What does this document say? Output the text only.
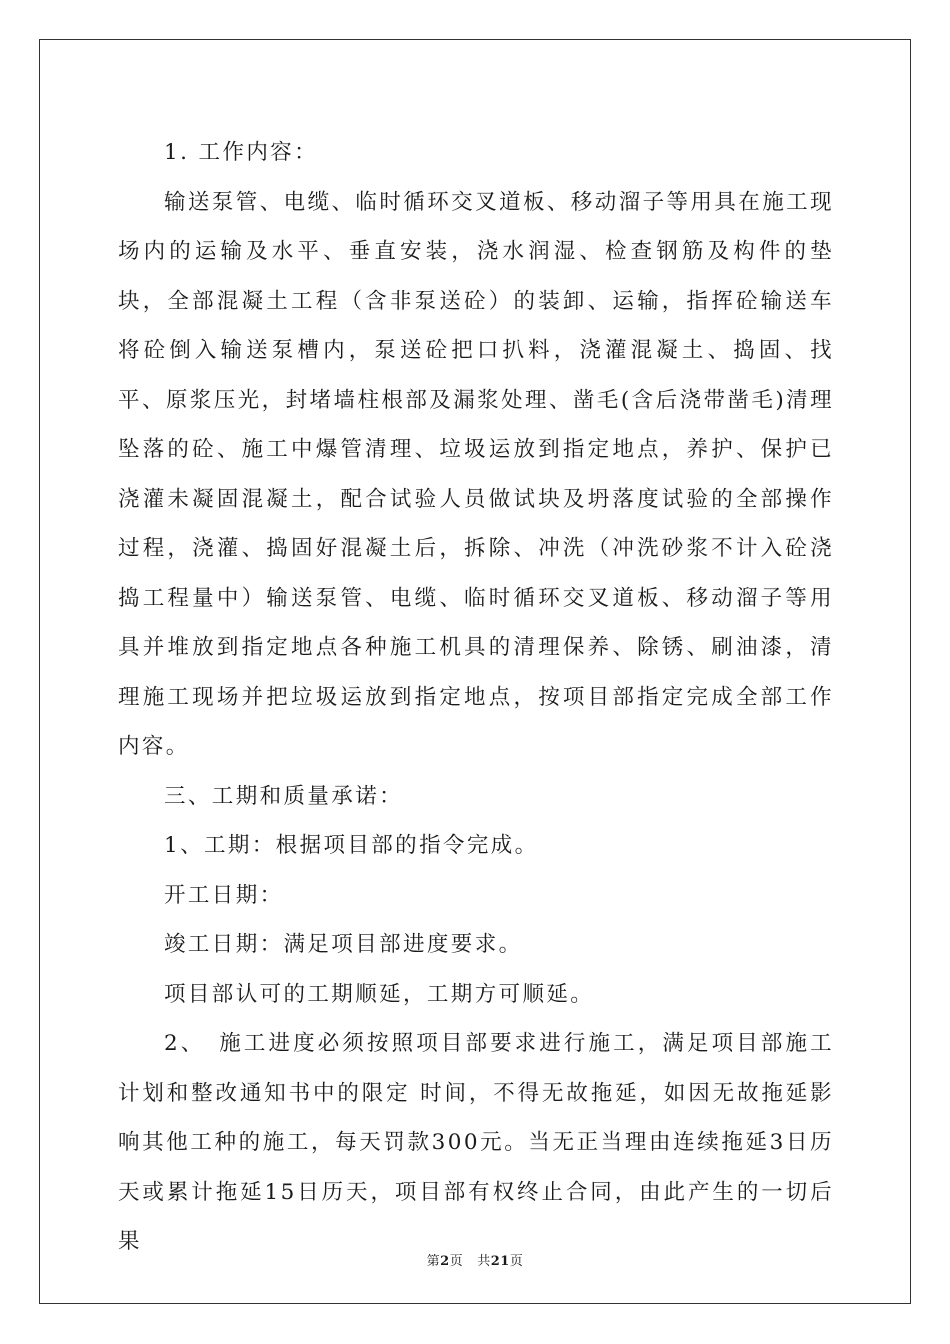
1. 工作内容：

输送泵管、电缆、临时循环交叉道板、移动溜子等用具在施工现场内的运输及水平、垂直安装，浇水润湿、检查钢筋及构件的垫块，全部混凝土工程（含非泵送砼）的装卸、运输，指挥砼输送车将砼倒入输送泵槽内，泵送砼把口扒料，浇灌混凝土、捣固、找平、原浆压光，封堵墙柱根部及漏浆处理、凿毛(含后浇带凿毛)清理坠落的砼、施工中爆管清理、垃圾运放到指定地点，养护、保护已浇灌未凝固混凝土，配合试验人员做试块及坍落度试验的全部操作过程，浇灌、捣固好混凝土后，拆除、冲洗（冲洗砂浆不计入砼浇捣工程量中）输送泵管、电缆、临时循环交叉道板、移动溜子等用具并堆放到指定地点各种施工机具的清理保养、除锈、刷油漆，清理施工现场并把垃圾运放到指定地点，按项目部指定完成全部工作内容。

三、工期和质量承诺：

1、工期：根据项目部的指令完成。

开工日期：

竣工日期：满足项目部进度要求。

项目部认可的工期顺延，工期方可顺延。

2、　施工进度必须按照项目部要求进行施工，满足项目部施工计划和整改通知书中的限定 时间，不得无故拖延，如因无故拖延影响其他工种的施工，每天罚款300元。当无正当理由连续拖延3日历天或累计拖延15日历天，项目部有权终止合同，由此产生的一切后果

第2页 共21页
